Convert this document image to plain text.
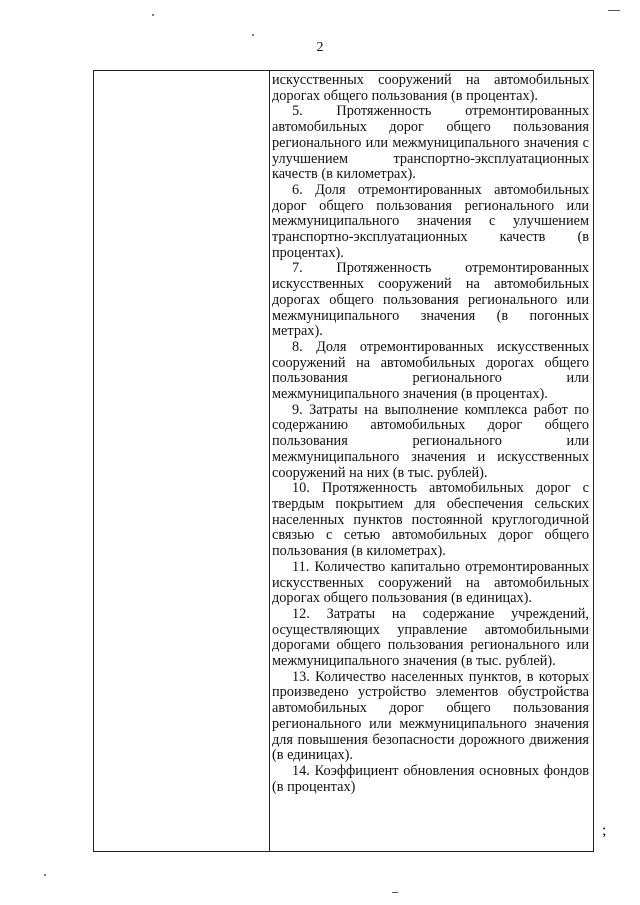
2

искусственных сооружений на автомобильных дорогах общего пользования (в процентах).

5. Протяженность отремонтированных автомобильных дорог общего пользования регионального или межмуниципального значения с улучшением транспортно-эксплуатационных качеств (в километрах).

6. Доля отремонтированных автомобильных дорог общего пользования регионального или межмуниципального значения с улучшением транспортно-эксплуатационных качеств (в процентах).

7. Протяженность отремонтированных искусственных сооружений на автомобильных дорогах общего пользования регионального или межмуниципального значения (в погонных метрах).

8. Доля отремонтированных искусственных сооружений на автомобильных дорогах общего пользования регионального или межмуниципального значения (в процентах).

9. Затраты на выполнение комплекса работ по содержанию автомобильных дорог общего пользования регионального или межмуниципального значения и искусственных сооружений на них (в тыс. рублей).

10. Протяженность автомобильных дорог с твердым покрытием для обеспечения сельских населенных пунктов постоянной круглогодичной связью с сетью автомобильных дорог общего пользования (в километрах).

11. Количество капитально отремонтированных искусственных сооружений на автомобильных дорогах общего пользования (в единицах).

12. Затраты на содержание учреждений, осуществляющих управление автомобильными дорогами общего пользования регионального или межмуниципального значения (в тыс. рублей).

13. Количество населенных пунктов, в которых произведено устройство элементов обустройства автомобильных дорог общего пользования регионального или межмуниципального значения для повышения безопасности дорожного движения (в единицах).

14. Коэффициент обновления основных фондов (в процентах)

;
